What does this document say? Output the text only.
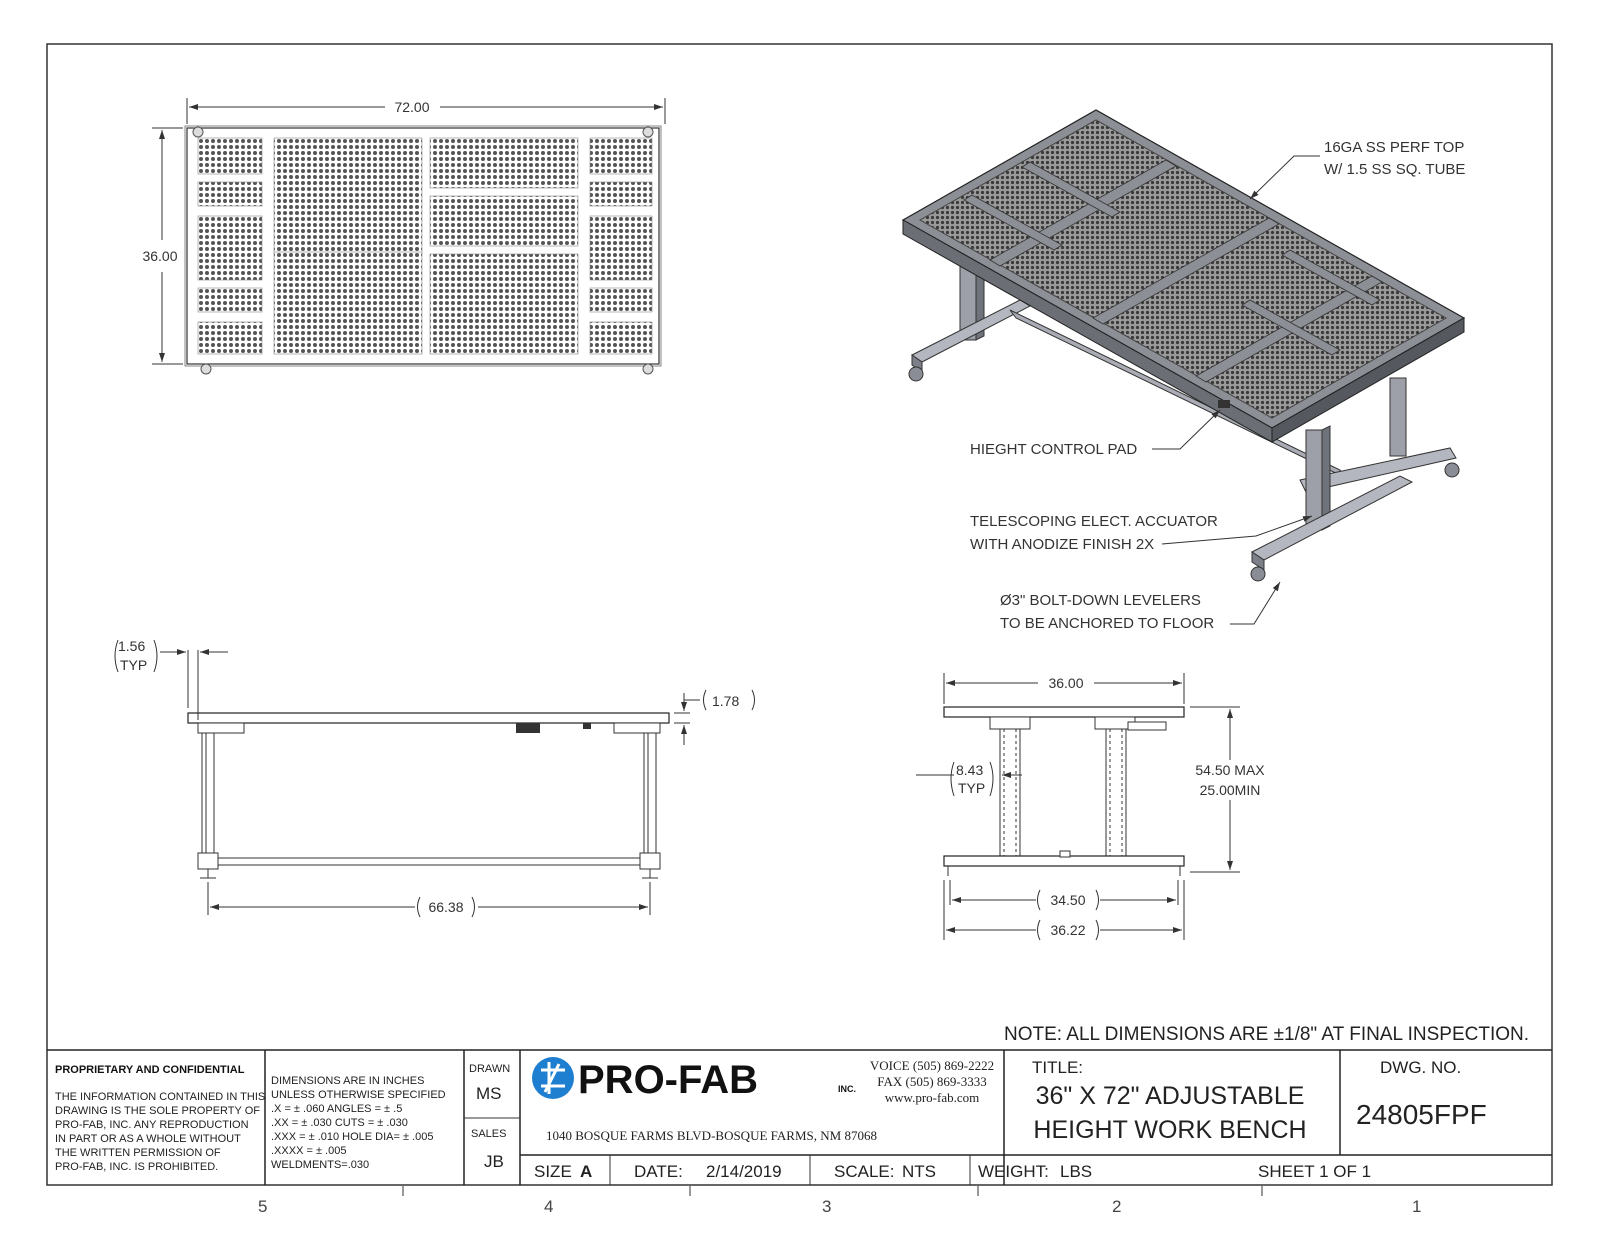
72.00
36.00
16GA SS PERF TOP
W/ 1.5 SS SQ. TUBE
HIEGHT CONTROL PAD
TELESCOPING ELECT. ACCUATOR
WITH ANODIZE FINISH 2X
Ø3" BOLT-DOWN LEVELERS
TO BE ANCHORED TO FLOOR
1.56
TYP
1.78
66.38
36.00
8.43
TYP
54.50 MAX
25.00MIN
34.50
36.22
NOTE: ALL DIMENSIONS ARE ±1/8" AT FINAL INSPECTION.
PROPRIETARY AND CONFIDENTIAL
THE INFORMATION CONTAINED IN THIS
DRAWING IS THE SOLE PROPERTY OF
PRO-FAB, INC. ANY REPRODUCTION
IN PART OR AS A WHOLE WITHOUT
THE WRITTEN PERMISSION OF
PRO-FAB, INC. IS PROHIBITED.
DIMENSIONS ARE IN INCHES
UNLESS OTHERWISE SPECIFIED
.X = ± .060 ANGLES = ± .5
.XX = ± .030 CUTS = ± .030
.XXX = ± .010 HOLE DIA= ± .005
.XXXX = ± .005
WELDMENTS=.030
DRAWN
MS
SALES
JB
PRO-FAB	INC.
VOICE (505) 869-2222
FAX (505) 869-3333
www.pro-fab.com
1040 BOSQUE FARMS BLVD-BOSQUE FARMS, NM 87068
TITLE:
36" X 72" ADJUSTABLE
HEIGHT WORK BENCH
DWG. NO.
24805FPF
SIZE A DATE: 2/14/2019	SCALE: NTS WEIGHT: LBS	SHEET 1 OF 1
5	4	3	2	1
